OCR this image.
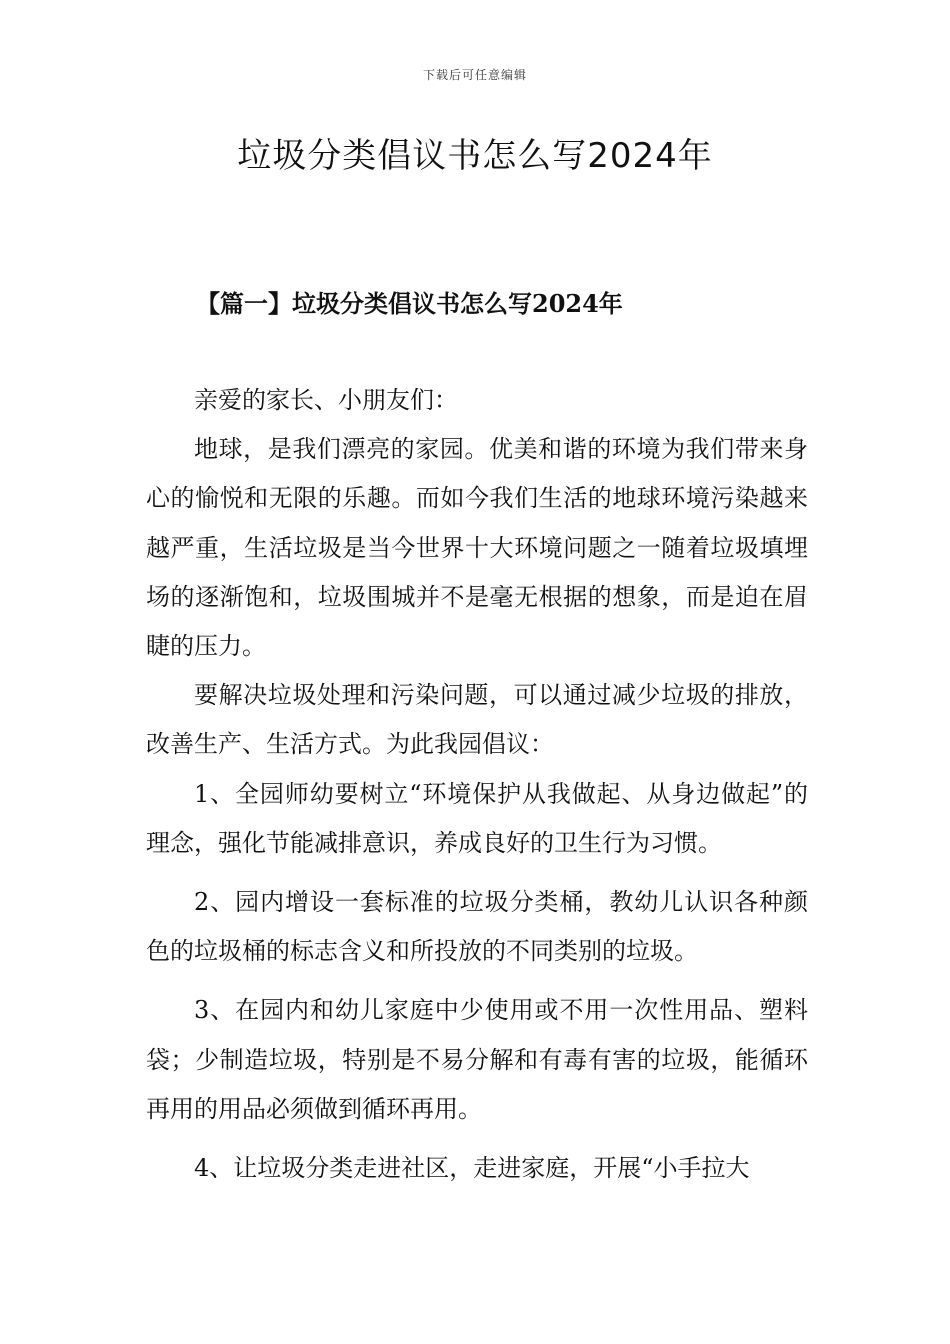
下载后可任意编辑
垃圾分类倡议书怎么写2024年
【篇一】垃圾分类倡议书怎么写2024年

亲爱的家长、小朋友们：

地球，是我们漂亮的家园。优美和谐的环境为我们带来身心的愉悦和无限的乐趣。而如今我们生活的地球环境污染越来越严重，生活垃圾是当今世界十大环境问题之一随着垃圾填埋场的逐渐饱和，垃圾围城并不是毫无根据的想象，而是迫在眉睫的压力。

要解决垃圾处理和污染问题，可以通过减少垃圾的排放，改善生产、生活方式。为此我园倡议：

1、全园师幼要树立“环境保护从我做起、从身边做起”的理念，强化节能减排意识，养成良好的卫生行为习惯。

2、园内增设一套标准的垃圾分类桶，教幼儿认识各种颜色的垃圾桶的标志含义和所投放的不同类别的垃圾。

3、在园内和幼儿家庭中少使用或不用一次性用品、塑料袋；少制造垃圾，特别是不易分解和有毒有害的垃圾，能循环再用的用品必须做到循环再用。

4、让垃圾分类走进社区，走进家庭，开展“小手拉大
